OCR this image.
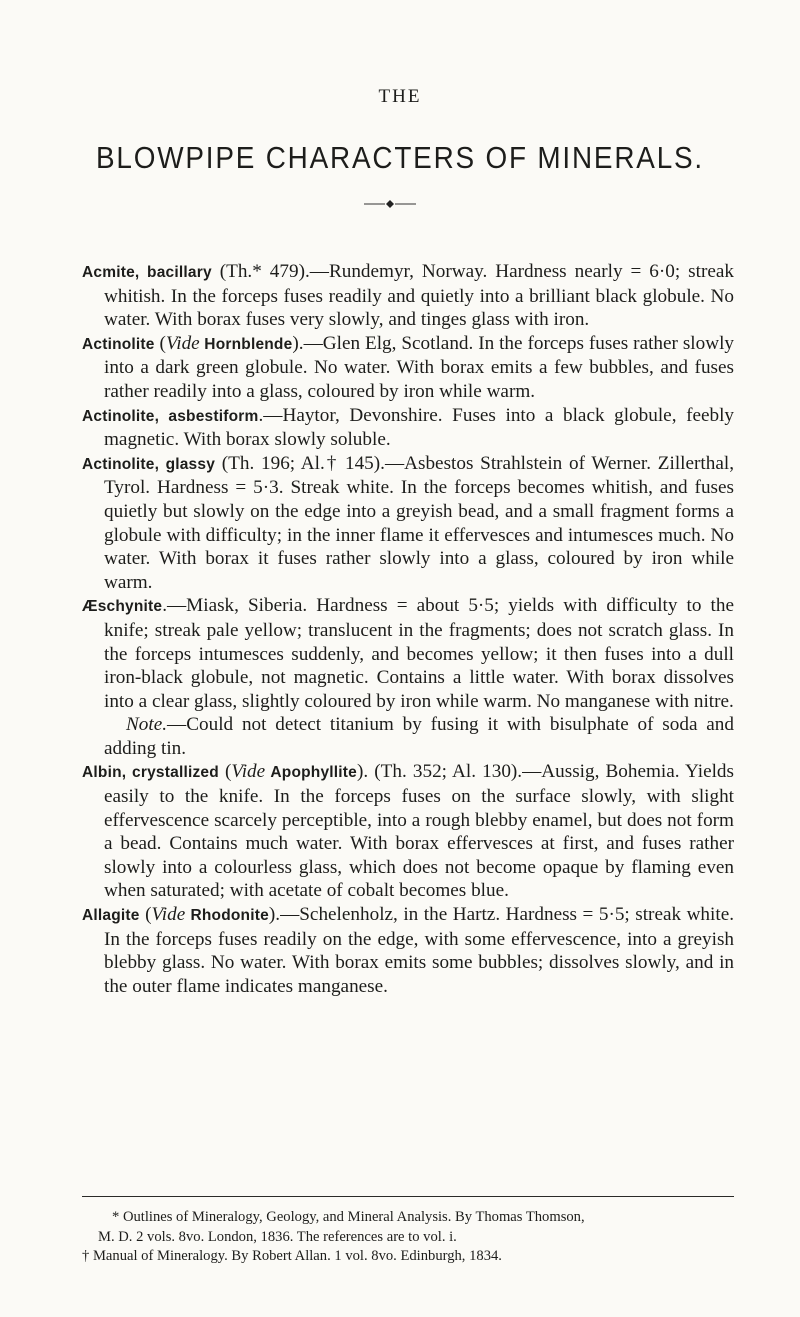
THE
BLOWPIPE CHARACTERS OF MINERALS.

Acmite, bacillary (Th.* 479).—Rundemyr, Norway. Hardness nearly = 6·0; streak whitish. In the forceps fuses readily and quietly into a brilliant black globule. No water. With borax fuses very slowly, and tinges glass with iron.

Actinolite (Vide Hornblende).—Glen Elg, Scotland. In the forceps fuses rather slowly into a dark green globule. No water. With borax emits a few bubbles, and fuses rather readily into a glass, coloured by iron while warm.

Actinolite, asbestiform.—Haytor, Devonshire. Fuses into a black globule, feebly magnetic. With borax slowly soluble.

Actinolite, glassy (Th. 196; Al.† 145).—Asbestos Strahlstein of Werner. Zillerthal, Tyrol. Hardness = 5·3. Streak white. In the forceps becomes whitish, and fuses quietly but slowly on the edge into a greyish bead, and a small fragment forms a globule with difficulty; in the inner flame it effervesces and intumesces much. No water. With borax it fuses rather slowly into a glass, coloured by iron while warm.

Æschynite.—Miask, Siberia. Hardness = about 5·5; yields with difficulty to the knife; streak pale yellow; translucent in the fragments; does not scratch glass. In the forceps intumesces suddenly, and becomes yellow; it then fuses into a dull iron-black globule, not magnetic. Contains a little water. With borax dissolves into a clear glass, slightly coloured by iron while warm. No manganese with nitre.
Note.—Could not detect titanium by fusing it with bisulphate of soda and adding tin.

Albin, crystallized (Vide Apophyllite). (Th. 352; Al. 130).—Aussig, Bohemia. Yields easily to the knife. In the forceps fuses on the surface slowly, with slight effervescence scarcely perceptible, into a rough blebby enamel, but does not form a bead. Contains much water. With borax effervesces at first, and fuses rather slowly into a colourless glass, which does not become opaque by flaming even when saturated; with acetate of cobalt becomes blue.

Allagite (Vide Rhodonite).—Schelenholz, in the Hartz. Hardness = 5·5; streak white. In the forceps fuses readily on the edge, with some effervescence, into a greyish blebby glass. No water. With borax emits some bubbles; dissolves slowly, and in the outer flame indicates manganese.

* Outlines of Mineralogy, Geology, and Mineral Analysis. By Thomas Thomson,
M. D. 2 vols. 8vo. London, 1836. The references are to vol. i.
† Manual of Mineralogy. By Robert Allan. 1 vol. 8vo. Edinburgh, 1834.
